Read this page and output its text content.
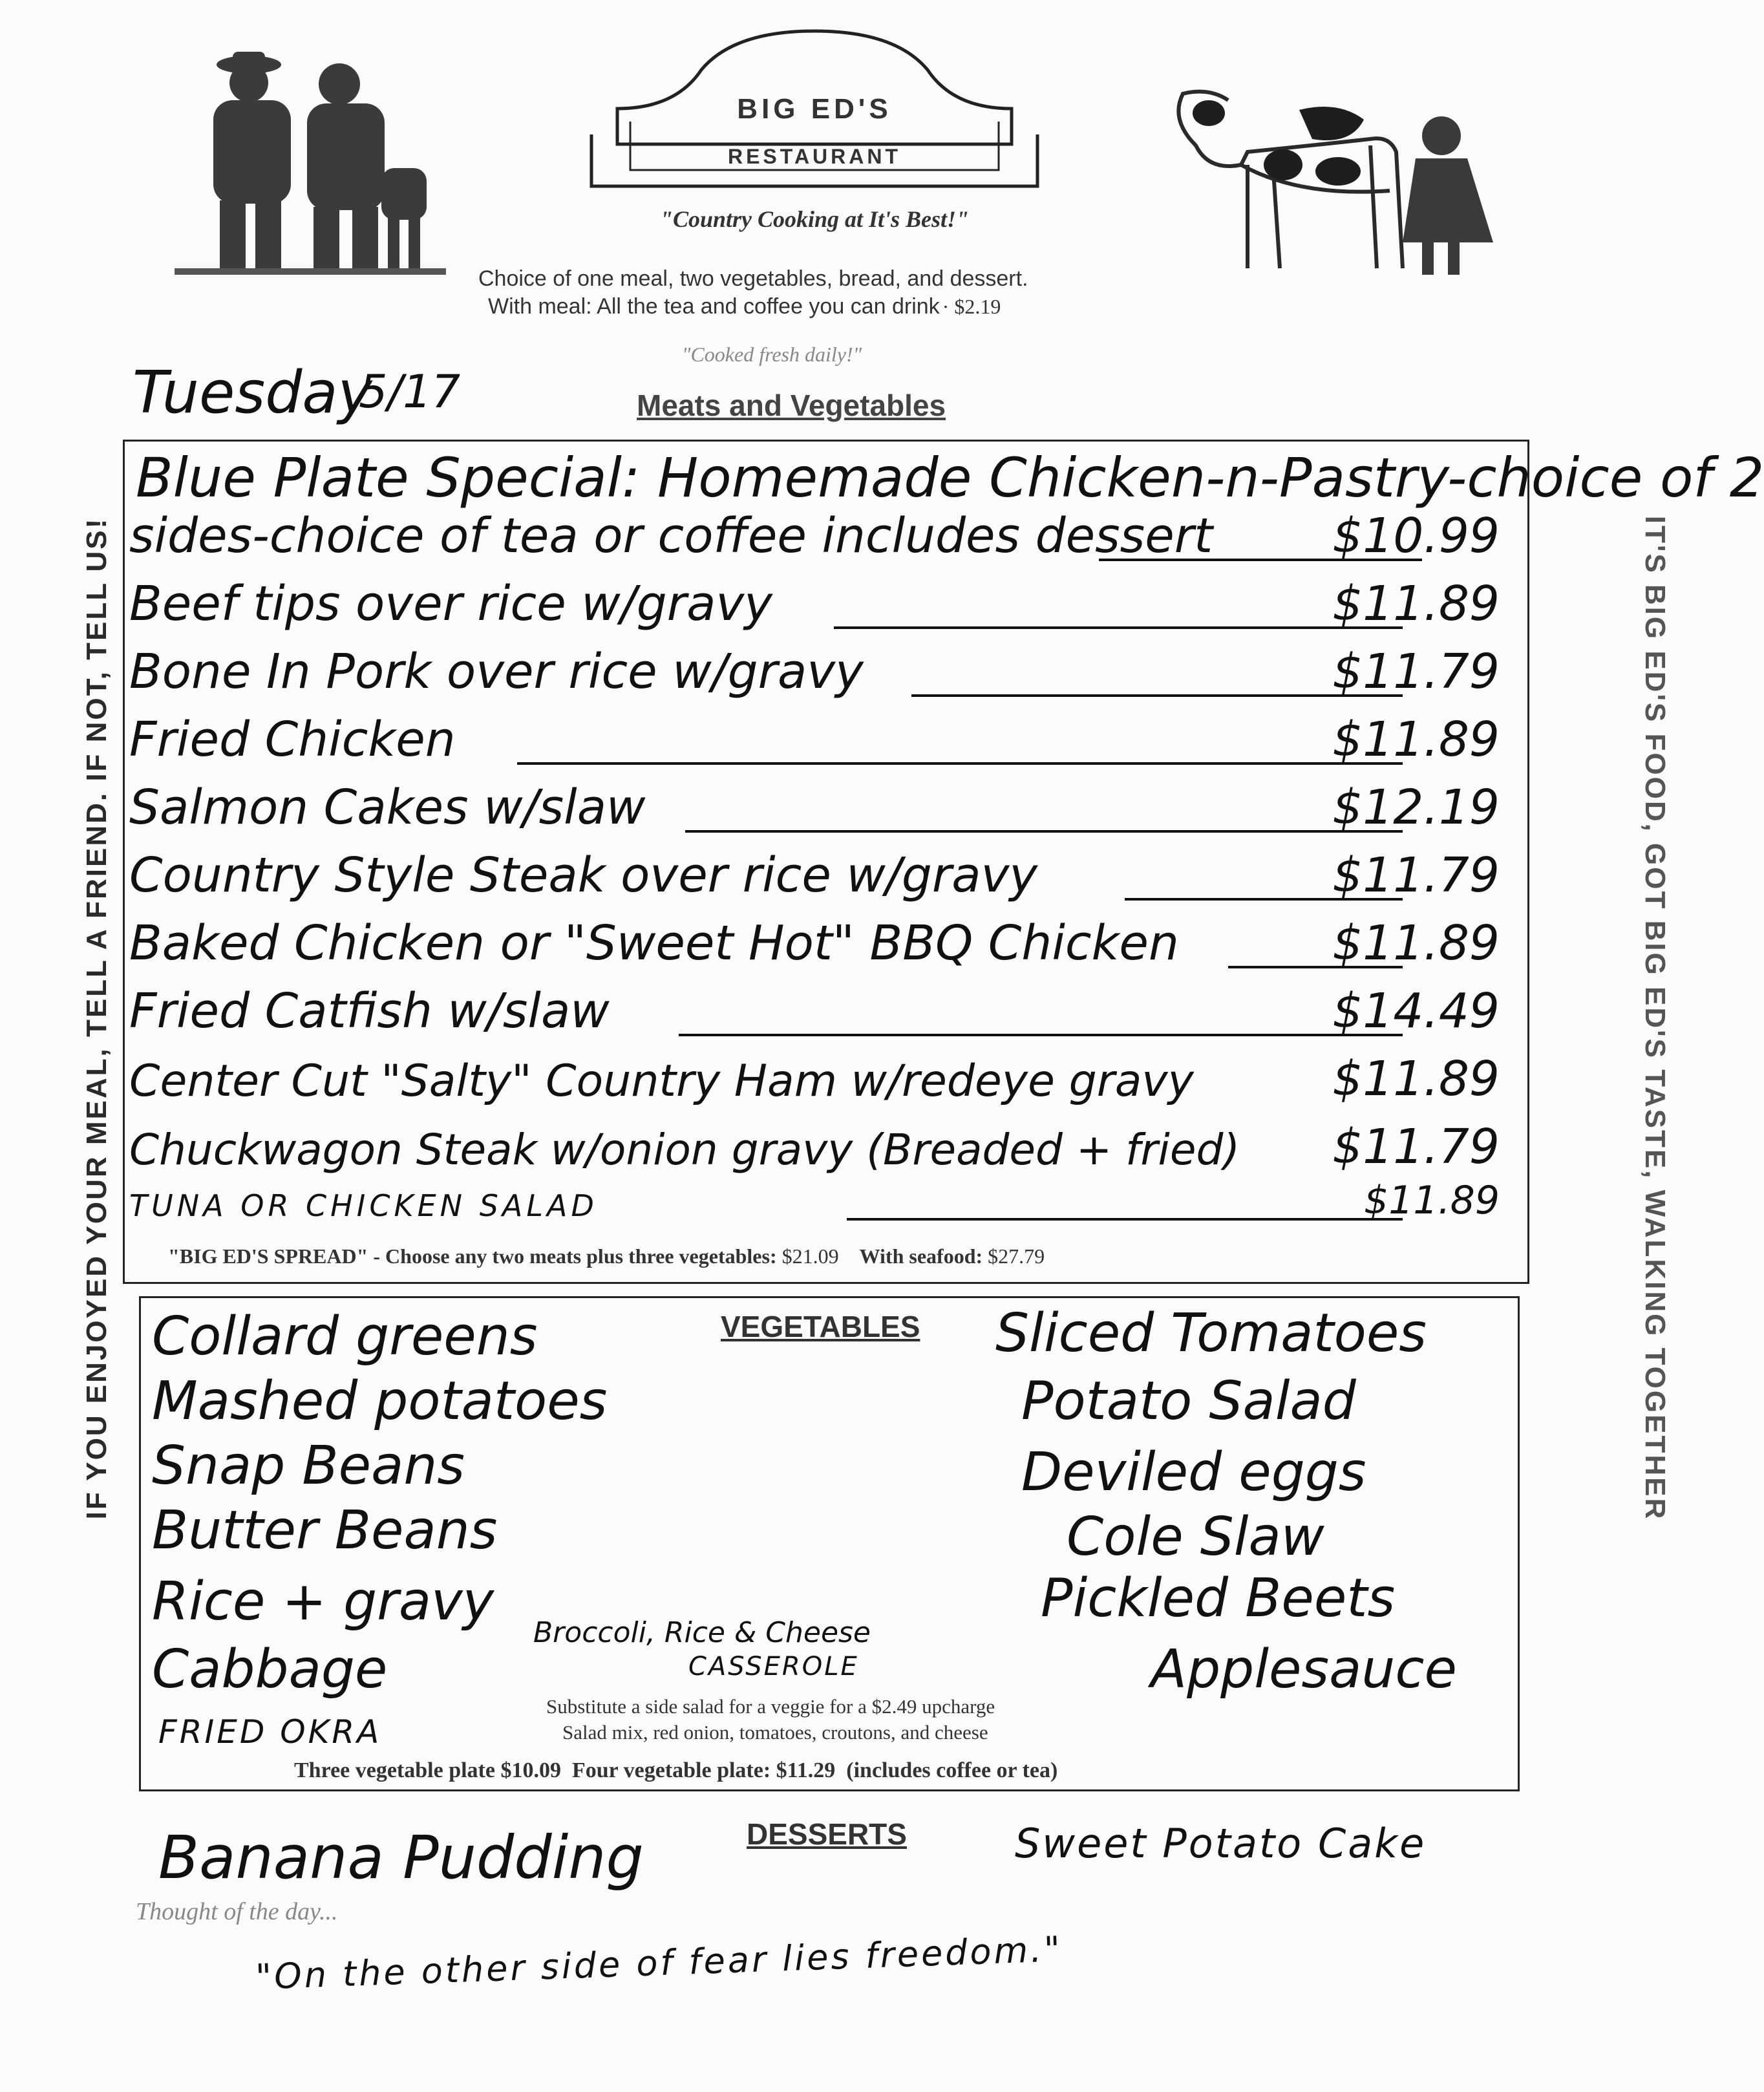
BIG ED'S
RESTAURANT
"Country Cooking at It's Best!"
Choice of one meal, two vegetables, bread, and dessert.
With meal: All the tea and coffee you can drink · $2.19
"Cooked fresh daily!"
Tuesday
5/17	Meats and Vegetables
IF YOU ENJOYED YOUR MEAL, TELL A FRIEND. IF NOT, TELL US!	IT'S BIG ED'S FOOD, GOT BIG ED'S TASTE, WALKING TOGETHER
Blue Plate Special: Homemade Chicken-n-Pastry-choice of 2
sides-choice of tea or coffee includes dessert $10.99
Beef tips over rice w/gravy	$11.89
Bone In Pork over rice w/gravy	$11.79
Fried Chicken	$11.89
Salmon Cakes w/slaw	$12.19
Country Style Steak over rice w/gravy	$11.79
Baked Chicken or "Sweet Hot" BBQ Chicken	$11.89
Fried Catfish w/slaw	$14.49
Center Cut "Salty" Country Ham w/redeye gravy	$11.89
Chuckwagon Steak w/onion gravy (Breaded + fried) $11.79
TUNA OR CHICKEN SALAD	$11.89
"BIG ED'S SPREAD" - Choose any two meats plus three vegetables: $21.09 With seafood: $27.79
VEGETABLES
Collard greens
Mashed potatoes
Snap Beans
Butter Beans
Rice + gravy
Cabbage
FRIED OKRA
Sliced Tomatoes
Potato Salad
Deviled eggs
Cole Slaw
Pickled Beets
Applesauce
Broccoli, Rice & Cheese
CASSEROLE
Substitute a side salad for a veggie for a $2.49 upcharge
Salad mix, red onion, tomatoes, croutons, and cheese
Three vegetable plate $10.09  Four vegetable plate: $11.29  (includes coffee or tea)
DESSERTS
Banana Pudding	Sweet Potato Cake
Thought of the day...
"On the other side of fear lies freedom."
